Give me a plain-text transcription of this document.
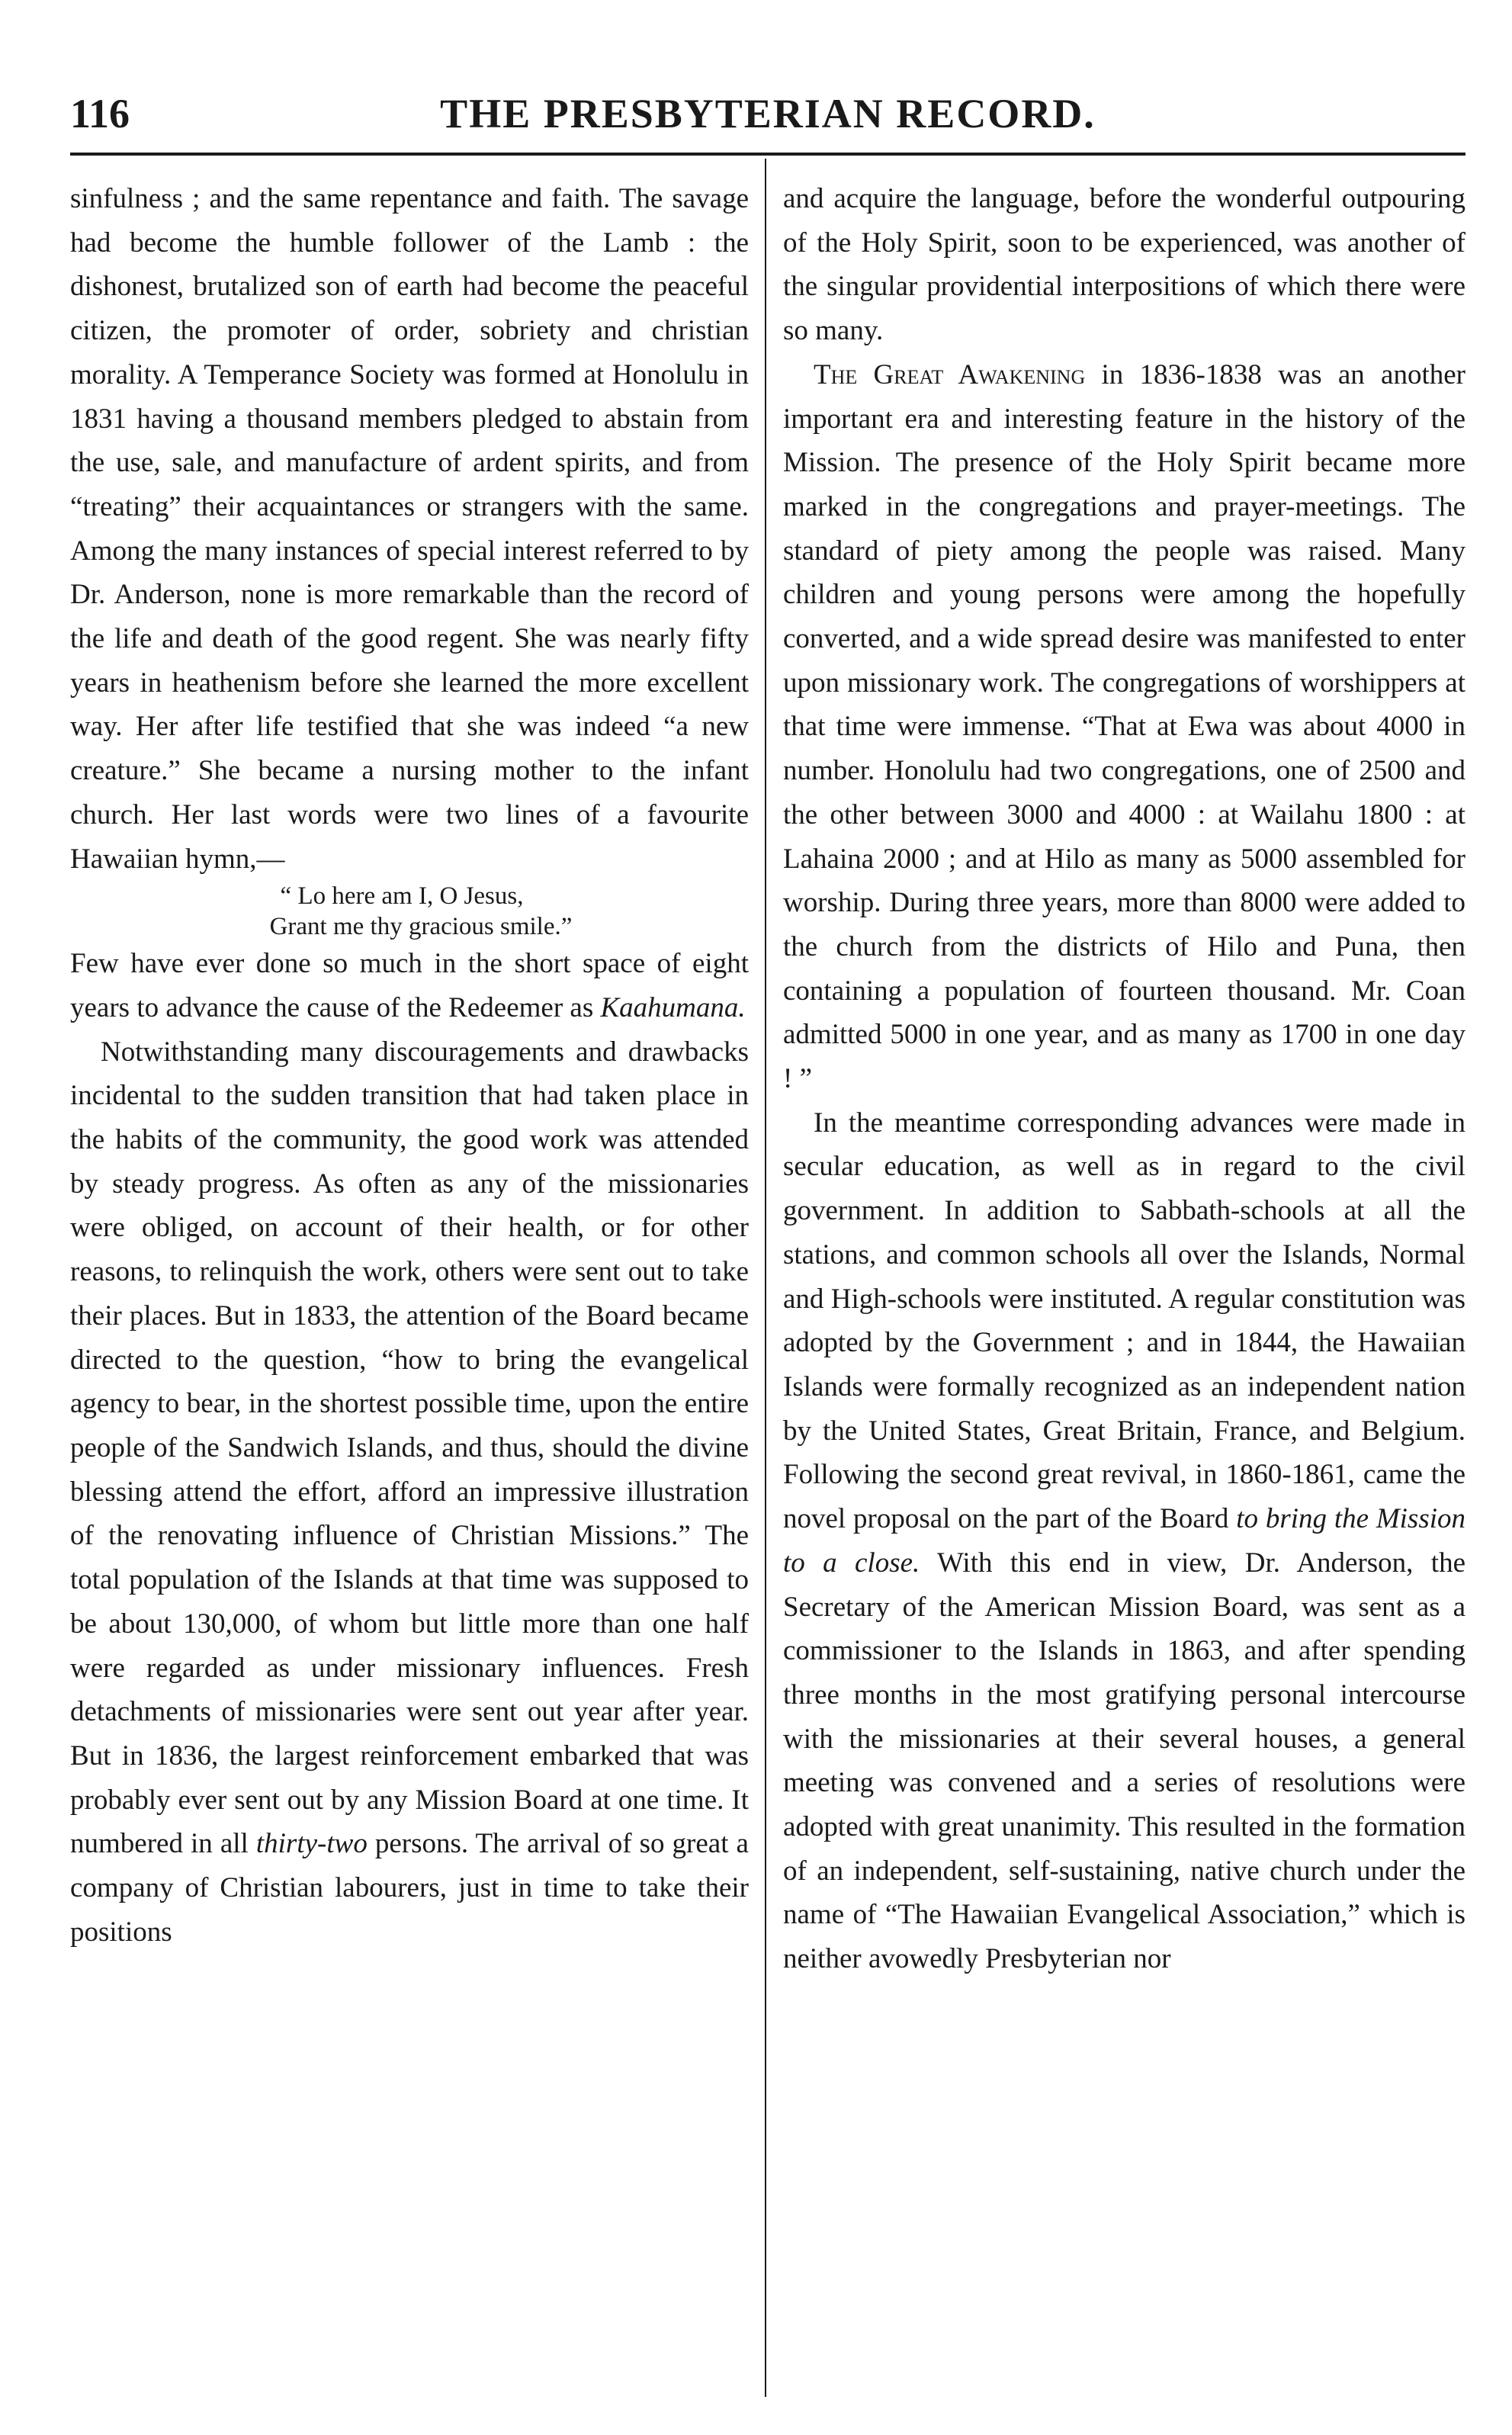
116	THE PRESBYTERIAN RECORD.

sinfulness ; and the same repentance and faith. The savage had become the humble follower of the Lamb : the dishonest, brutalized son of earth had become the peaceful citizen, the promoter of order, sobriety and christian morality. A Temperance Society was formed at Honolulu in 1831 having a thousand members pledged to abstain from the use, sale, and manufacture of ardent spirits, and from “treating” their acquaintances or strangers with the same. Among the many instances of special interest referred to by Dr. Anderson, none is more remarkable than the record of the life and death of the good regent. She was nearly fifty years in heathenism before she learned the more excellent way. Her after life testified that she was indeed “a new creature.” She became a nursing mother to the infant church. Her last words were two lines of a favourite Hawaiian hymn,—

“ Lo here am I, O Jesus,
Grant me thy gracious smile.”

Few have ever done so much in the short space of eight years to advance the cause of the Redeemer as Kaahumana.

Notwithstanding many discouragements and drawbacks incidental to the sudden transition that had taken place in the habits of the community, the good work was attended by steady progress. As often as any of the missionaries were obliged, on account of their health, or for other reasons, to relinquish the work, others were sent out to take their places. But in 1833, the attention of the Board became directed to the question, “how to bring the evangelical agency to bear, in the shortest possible time, upon the entire people of the Sandwich Islands, and thus, should the divine blessing attend the effort, afford an impressive illustration of the renovating influence of Christian Missions.” The total population of the Islands at that time was supposed to be about 130,000, of whom but little more than one half were regarded as under missionary influences. Fresh detachments of missionaries were sent out year after year. But in 1836, the largest reinforcement embarked that was probably ever sent out by any Mission Board at one time. It numbered in all thirty-two persons. The arrival of so great a company of Christian labourers, just in time to take their positions

and acquire the language, before the wonderful outpouring of the Holy Spirit, soon to be experienced, was another of the singular providential interpositions of which there were so many.

The Great Awakening in 1836-1838 was an another important era and interesting feature in the history of the Mission. The presence of the Holy Spirit became more marked in the congregations and prayer-meetings. The standard of piety among the people was raised. Many children and young persons were among the hopefully converted, and a wide spread desire was manifested to enter upon missionary work. The congregations of worshippers at that time were immense. “That at Ewa was about 4000 in number. Honolulu had two congregations, one of 2500 and the other between 3000 and 4000 : at Wailahu 1800 : at Lahaina 2000 ; and at Hilo as many as 5000 assembled for worship. During three years, more than 8000 were added to the church from the districts of Hilo and Puna, then containing a population of fourteen thousand. Mr. Coan admitted 5000 in one year, and as many as 1700 in one day ! ”

In the meantime corresponding advances were made in secular education, as well as in regard to the civil government. In addition to Sabbath-schools at all the stations, and common schools all over the Islands, Normal and High-schools were instituted. A regular constitution was adopted by the Government ; and in 1844, the Hawaiian Islands were formally recognized as an independent nation by the United States, Great Britain, France, and Belgium. Following the second great revival, in 1860-1861, came the novel proposal on the part of the Board to bring the Mission to a close. With this end in view, Dr. Anderson, the Secretary of the American Mission Board, was sent as a commissioner to the Islands in 1863, and after spending three months in the most gratifying personal intercourse with the missionaries at their several houses, a general meeting was convened and a series of resolutions were adopted with great unanimity. This resulted in the formation of an independent, self-sustaining, native church under the name of “The Hawaiian Evangelical Association,” which is neither avowedly Presbyterian nor
